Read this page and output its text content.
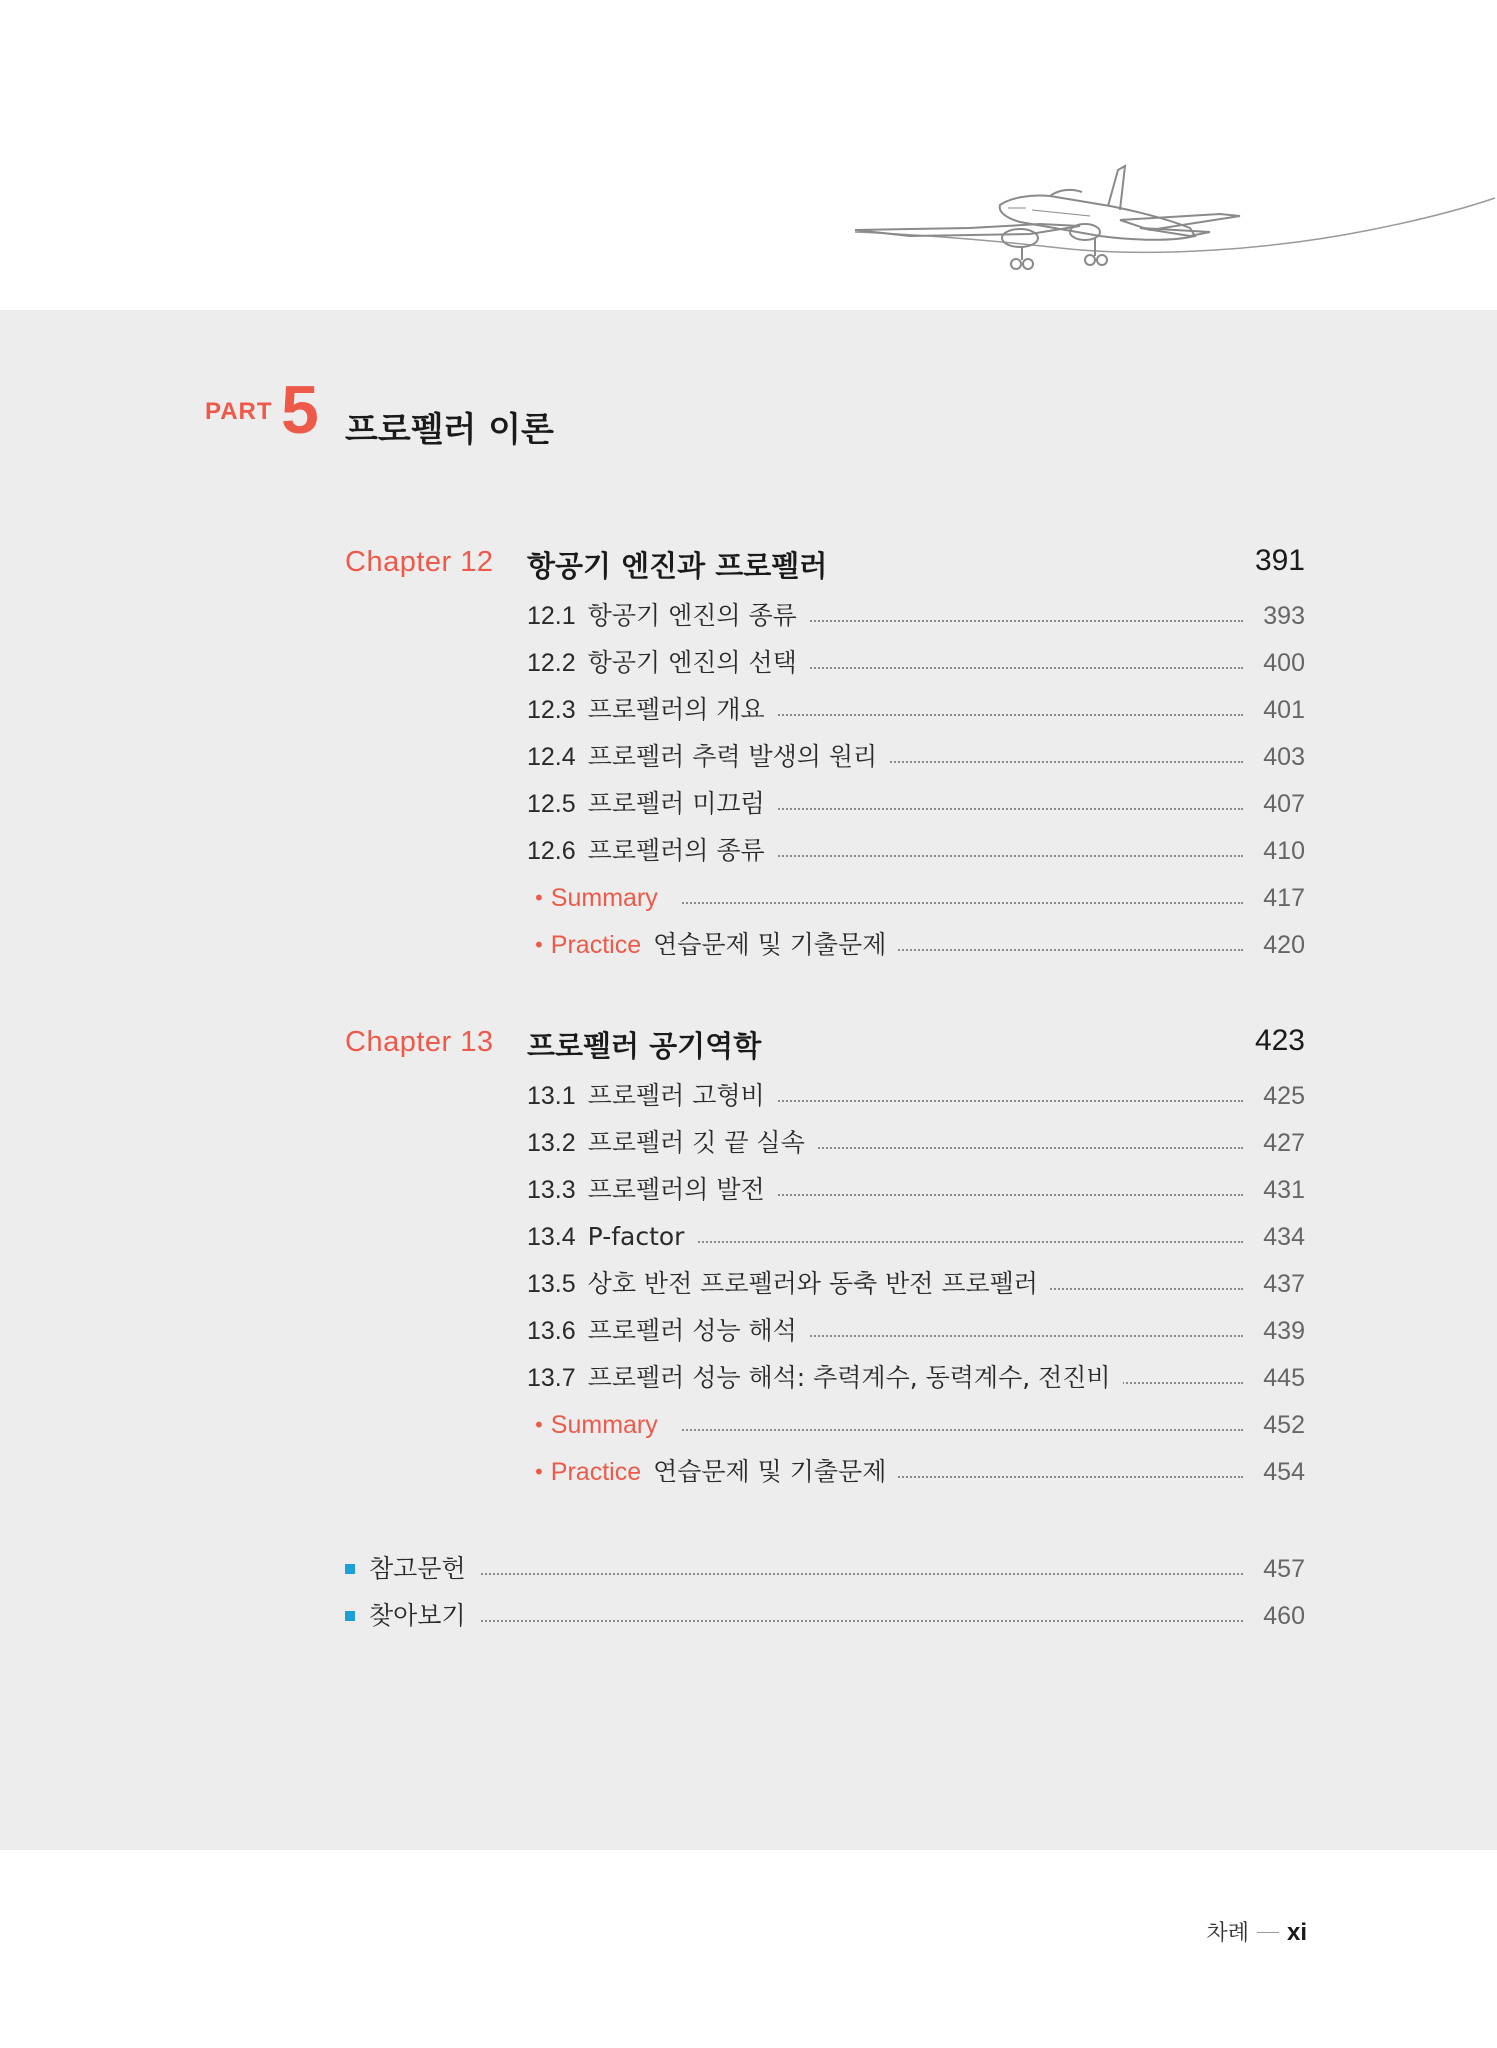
PART 5 프로펠러 이론
Chapter 12 항공기 엔진과 프로펠러	391
12.1 항공기 엔진의 종류	393
12.2 항공기 엔진의 선택	400
12.3 프로펠러의 개요	401
12.4 프로펠러 추력 발생의 원리	403
12.5 프로펠러 미끄럼	407
12.6 프로펠러의 종류	410
• Summary	417
• Practice 연습문제 및 기출문제	420
Chapter 13 프로펠러 공기역학	423
13.1 프로펠러 고형비	425
13.2 프로펠러 깃 끝 실속	427
13.3 프로펠러의 발전	431
13.4 P-factor	434
13.5 상호 반전 프로펠러와 동축 반전 프로펠러	437
13.6 프로펠러 성능 해석	439
13.7 프로펠러 성능 해석: 추력계수, 동력계수, 전진비	445
• Summary	452
• Practice 연습문제 및 기출문제	454
참고문헌	457
찾아보기	460
차례 xi
